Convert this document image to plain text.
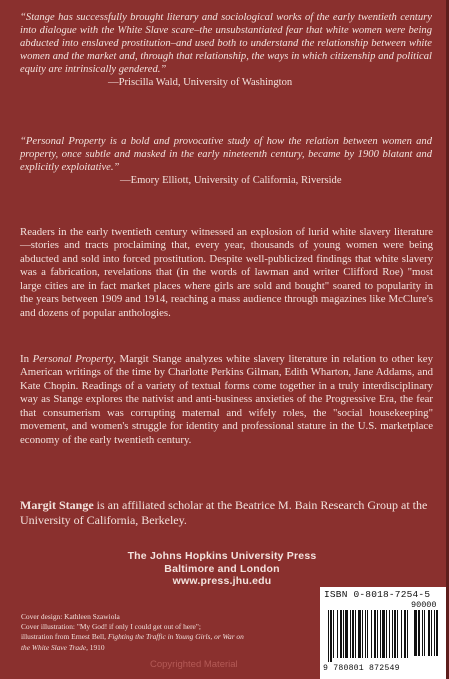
“Stange has successfully brought literary and sociological works of the early twentieth century into dialogue with the White Slave scare–the unsubstantiated fear that white women were being abducted into enslaved prostitution–and used both to understand the relationship between white women and the market and, through that relationship, the ways in which citizenship and political equity are intrinsically gendered.”
—Priscilla Wald, University of Washington
“Personal Property is a bold and provocative study of how the relation between women and property, once subtle and masked in the early nineteenth century, became by 1900 blatant and explicitly exploitative.”
—Emory Elliott, University of California, Riverside
Readers in the early twentieth century witnessed an explosion of lurid white slavery literature—stories and tracts proclaiming that, every year, thousands of young women were being abducted and sold into forced prostitution. Despite well-publicized findings that white slavery was a fabrication, revelations that (in the words of lawman and writer Clifford Roe) "most large cities are in fact market places where girls are sold and bought" soared to popularity in the years between 1909 and 1914, reaching a mass audience through magazines like McClure's and dozens of popular anthologies.
In Personal Property, Margit Stange analyzes white slavery literature in relation to other key American writings of the time by Charlotte Perkins Gilman, Edith Wharton, Jane Addams, and Kate Chopin. Readings of a variety of textual forms come together in a truly interdisciplinary way as Stange explores the nativist and anti-business anxieties of the Progressive Era, the fear that consumerism was corrupting maternal and wifely roles, the "social housekeeping" movement, and women's struggle for identity and professional stature in the U.S. marketplace economy of the early twentieth century.
Margit Stange is an affiliated scholar at the Beatrice M. Bain Research Group at the University of California, Berkeley.
The Johns Hopkins University Press
Baltimore and London
www.press.jhu.edu
Cover design: Kathleen Szawiola
Cover illustration: "My God! if only I could get out of here";
illustration from Ernest Bell, Fighting the Traffic in Young Girls, or War on the White Slave Trade, 1910
ISBN 0-8018-7254-5
90000
9 780801 872549
Copyrighted Material
